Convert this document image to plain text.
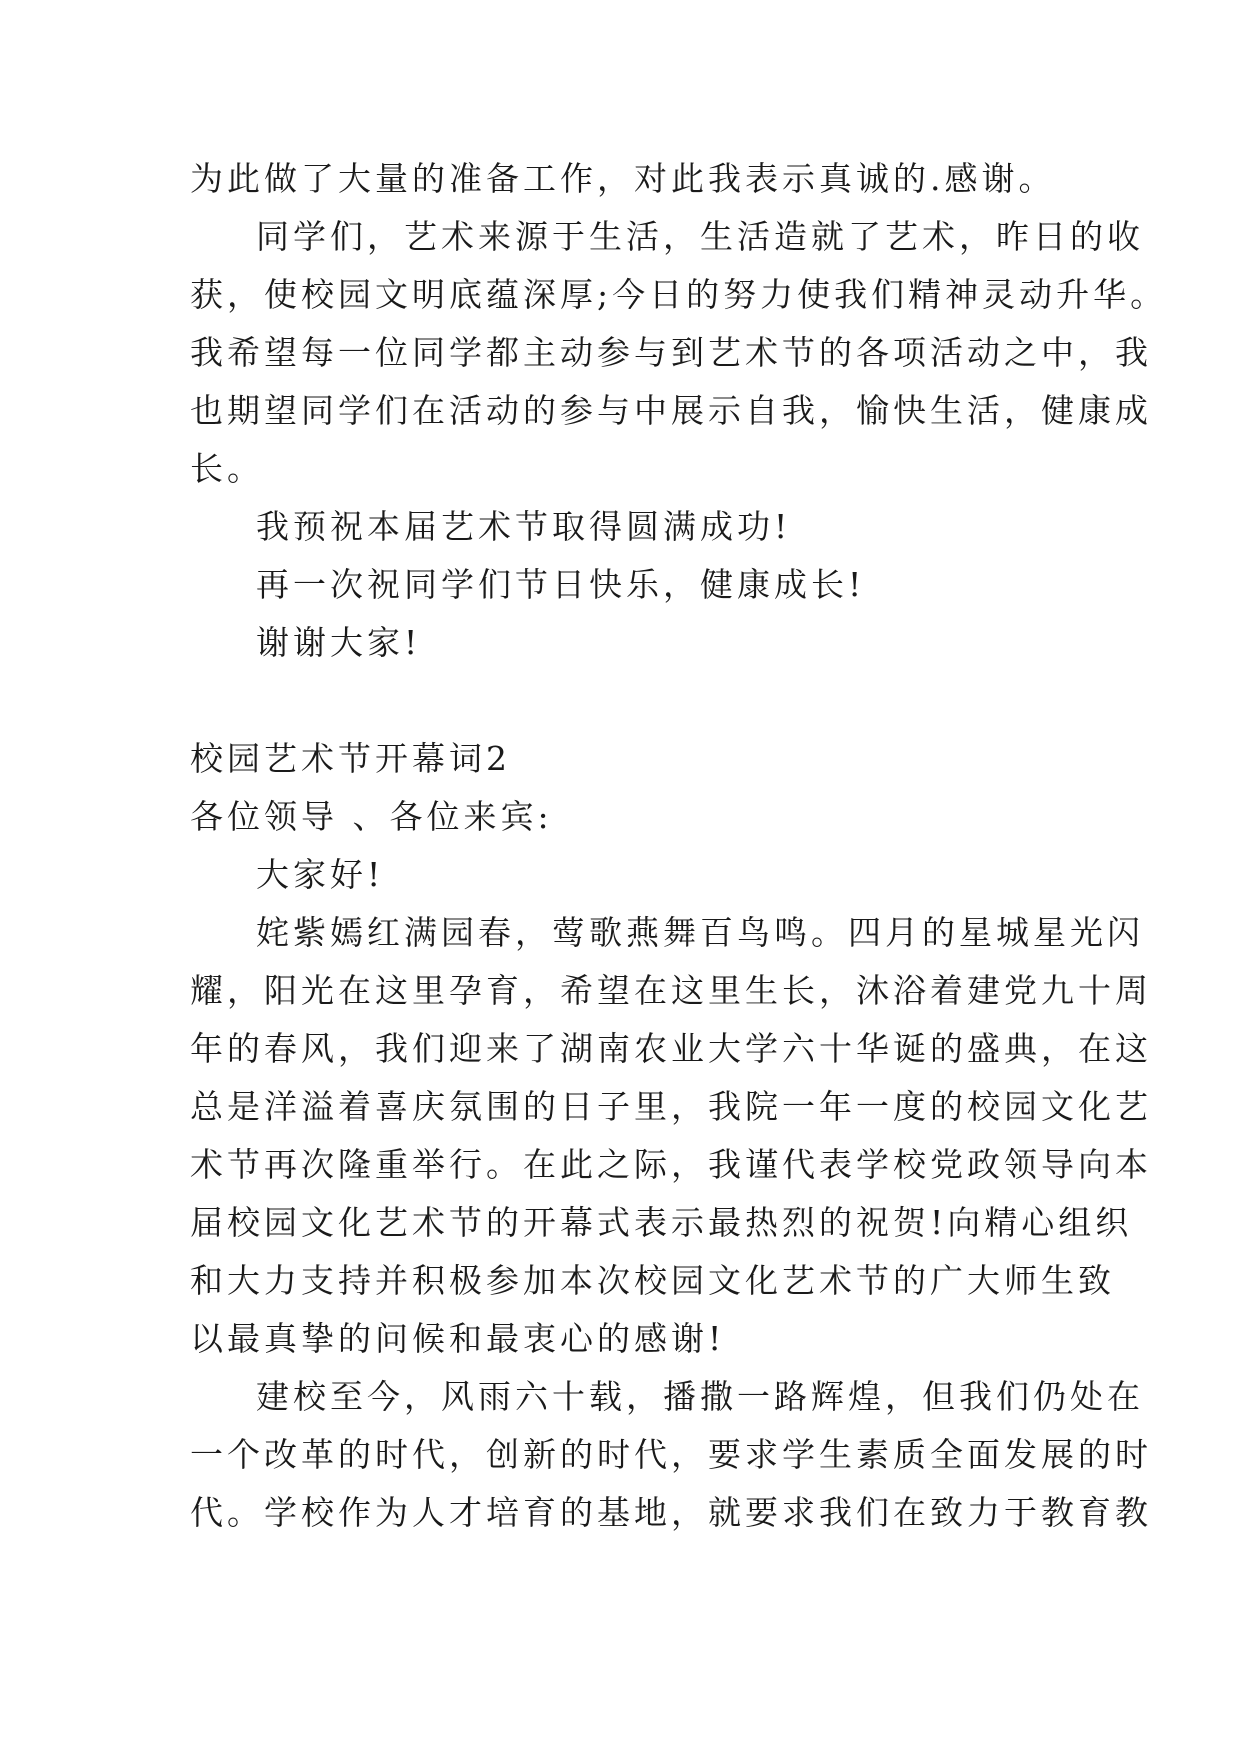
为此做了大量的准备工作，对此我表示真诚的.感谢。
同学们，艺术来源于生活，生活造就了艺术，昨日的收
获，使校园文明底蕴深厚;今日的努力使我们精神灵动升华。
我希望每一位同学都主动参与到艺术节的各项活动之中，我
也期望同学们在活动的参与中展示自我，愉快生活，健康成
长。
我预祝本届艺术节取得圆满成功!
再一次祝同学们节日快乐，健康成长!
谢谢大家!
校园艺术节开幕词2
各位领导 、各位来宾:
大家好!
姹紫嫣红满园春，莺歌燕舞百鸟鸣。四月的星城星光闪
耀，阳光在这里孕育，希望在这里生长，沐浴着建党九十周
年的春风，我们迎来了湖南农业大学六十华诞的盛典，在这
总是洋溢着喜庆氛围的日子里，我院一年一度的校园文化艺
术节再次隆重举行。在此之际，我谨代表学校党政领导向本
届校园文化艺术节的开幕式表示最热烈的祝贺!向精心组织
和大力支持并积极参加本次校园文化艺术节的广大师生致
以最真挚的问候和最衷心的感谢!
建校至今，风雨六十载，播撒一路辉煌，但我们仍处在
一个改革的时代，创新的时代，要求学生素质全面发展的时
代。学校作为人才培育的基地，就要求我们在致力于教育教
